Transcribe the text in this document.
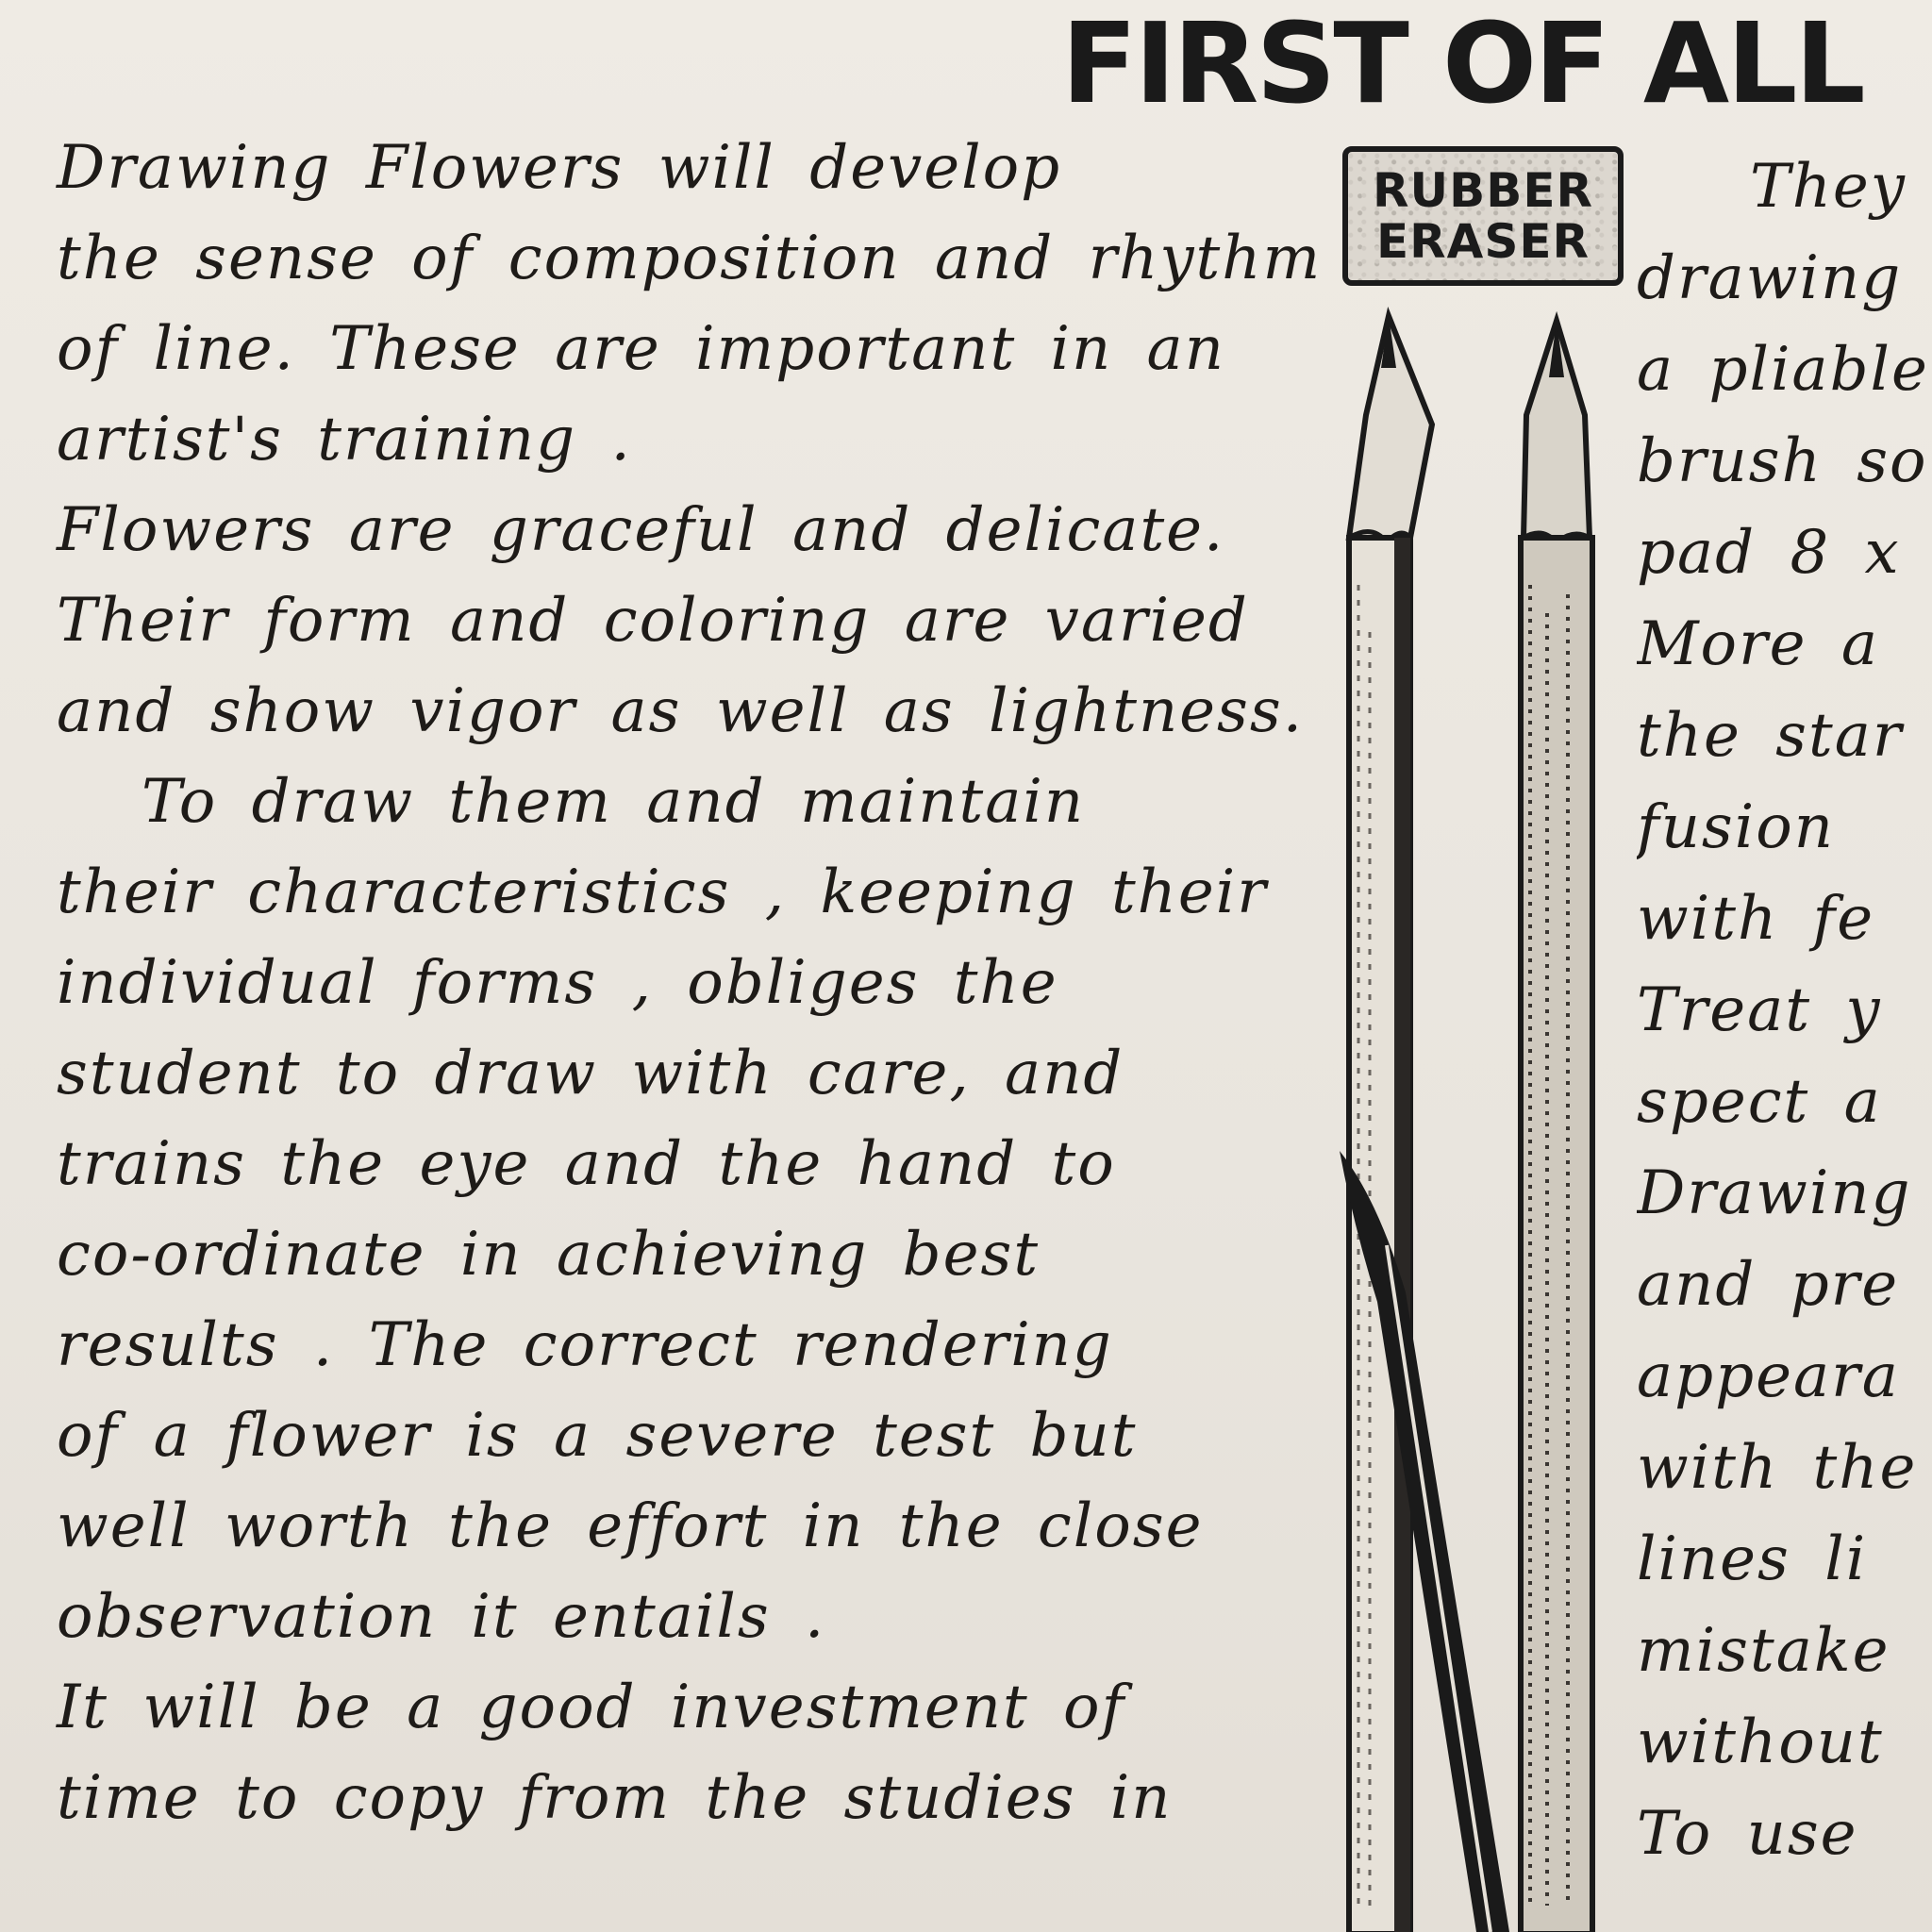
FIRST OF ALL
Drawing Flowers will develop
the sense of composition and rhythm
of line. These are important in an
artist's training .
Flowers are graceful and delicate.
Their form and coloring are varied
and show vigor as well as lightness.
To draw them and maintain
their characteristics , keeping their
individual forms , obliges the
student to draw with care, and
trains the eye and the hand to
co-ordinate in achieving best
results . The correct rendering
of a flower is a severe test but
well worth the effort in the close
observation it entails .
It will be a good investment of
time to copy from the studies in
RUBBER
ERASER
They
drawing
a pliable
brush so
pad 8 x
More a
the star
fusion
with fe
Treat y
spect a
Drawing
and pre
appeara
with the
lines li
mistake
without
To use
